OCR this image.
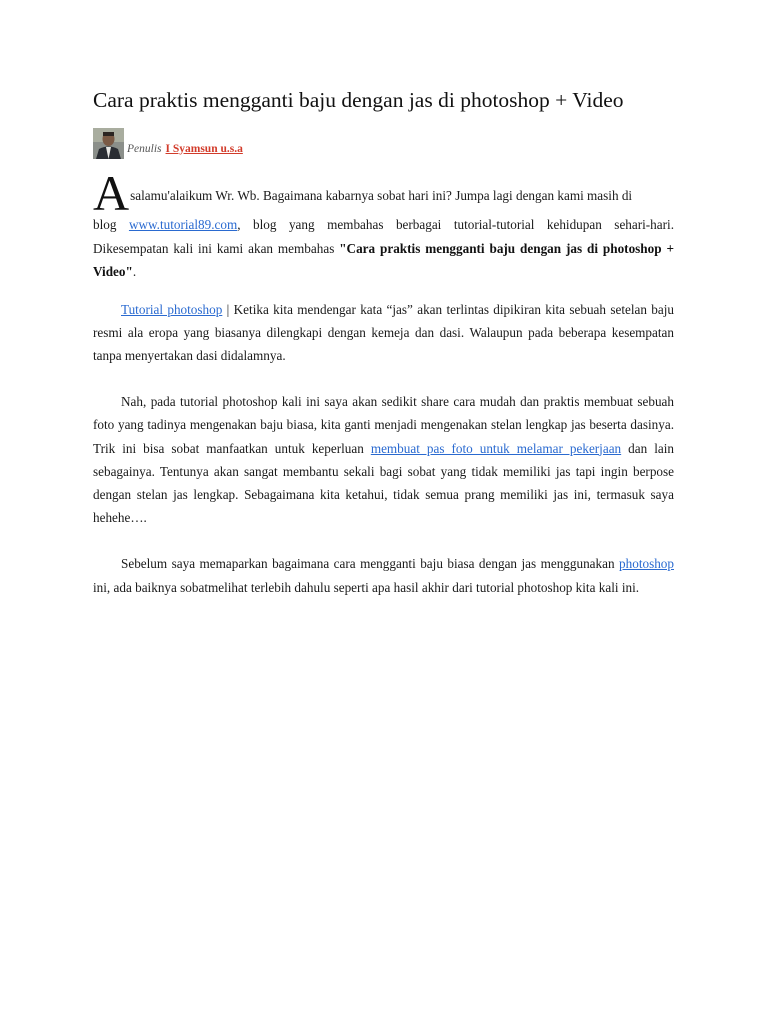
Cara praktis mengganti baju dengan jas di photoshop + Video
Penulis I Syamsun u.s.a
A salamu'alaikum Wr. Wb. Bagaimana kabarnya sobat hari ini? Jumpa lagi dengan kami masih di
blog www.tutorial89.com, blog yang membahas berbagai tutorial-tutorial kehidupan sehari-hari. Dikesempatan kali ini kami akan membahas "Cara praktis mengganti baju dengan jas di photoshop + Video".

Tutorial photoshop | Ketika kita mendengar kata “jas” akan terlintas dipikiran kita sebuah setelan baju resmi ala eropa yang biasanya dilengkapi dengan kemeja dan dasi. Walaupun pada beberapa kesempatan tanpa menyertakan dasi didalamnya.

Nah, pada tutorial photoshop kali ini saya akan sedikit share cara mudah dan praktis membuat sebuah foto yang tadinya mengenakan baju biasa, kita ganti menjadi mengenakan stelan lengkap jas beserta dasinya. Trik ini bisa sobat manfaatkan untuk keperluan membuat pas foto untuk melamar pekerjaan dan lain sebagainya. Tentunya akan sangat membantu sekali bagi sobat yang tidak memiliki jas tapi ingin berpose dengan stelan jas lengkap. Sebagaimana kita ketahui, tidak semua prang memiliki jas ini, termasuk saya hehehe….

Sebelum saya memaparkan bagaimana cara mengganti baju biasa dengan jas menggunakan photoshop ini, ada baiknya sobatmelihat terlebih dahulu seperti apa hasil akhir dari tutorial photoshop kita kali ini.
